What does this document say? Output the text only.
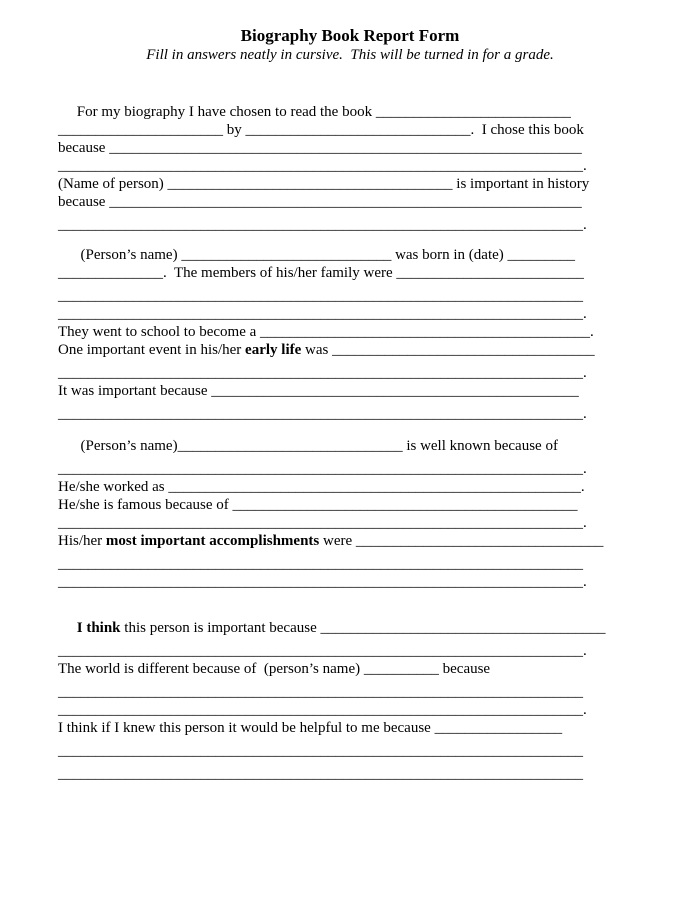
Biography Book Report Form
Fill in answers neatly in cursive.  This will be turned in for a grade.
For my biography I have chosen to read the book __________________________
______________________ by ______________________________.  I chose this book
because _______________________________________________________________
______________________________________________________________________.
(Name of person) ______________________________________ is important in history
because _______________________________________________________________
______________________________________________________________________.
(Person’s name) ____________________________ was born in (date) _________
______________.  The members of his/her family were _________________________
______________________________________________________________________
______________________________________________________________________.
They went to school to become a ____________________________________________.
One important event in his/her early life was ___________________________________
______________________________________________________________________.
It was important because _________________________________________________
______________________________________________________________________.
(Person’s name)______________________________ is well known because of
______________________________________________________________________.
He/she worked as _______________________________________________________.
He/she is famous because of ______________________________________________
______________________________________________________________________.
His/her most important accomplishments were _________________________________
______________________________________________________________________
______________________________________________________________________.
I think this person is important because ______________________________________
______________________________________________________________________.
The world is different because of  (person’s name) __________ because
______________________________________________________________________
______________________________________________________________________.
I think if I knew this person it would be helpful to me because _________________
______________________________________________________________________
______________________________________________________________________
